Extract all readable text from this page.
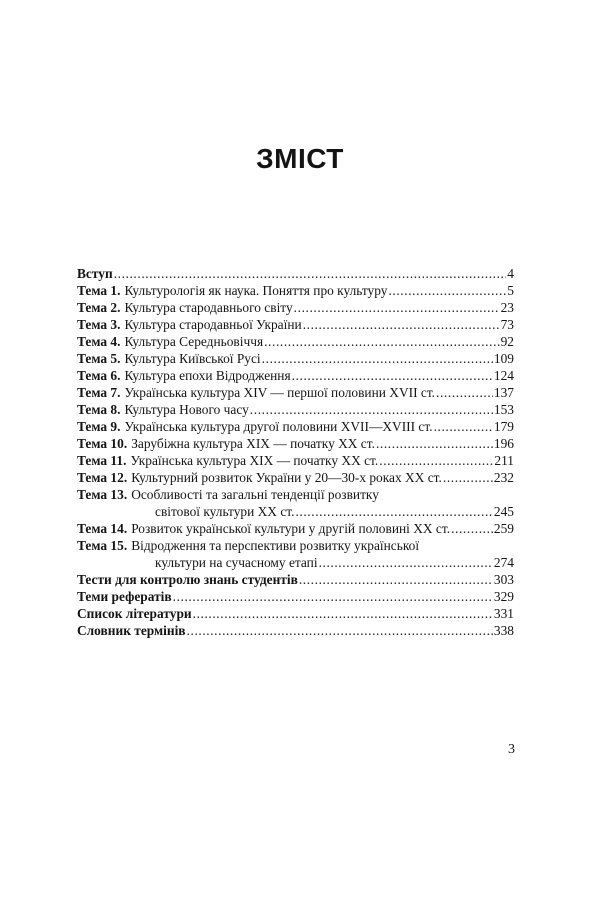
ЗМІСТ
Вступ .....	4
Тема 1. Культурологія як наука. Поняття про культуру .....	5
Тема 2. Культура стародавнього світу .....	23
Тема 3. Культура стародавньої України .....	73
Тема 4. Культура Середньовіччя .....	92
Тема 5. Культура Київської Русі .....	109
Тема 6. Культура епохи Відродження .....	124
Тема 7. Українська культура XIV — першої половини XVII ст. .....	137
Тема 8. Культура Нового часу .....	153
Тема 9. Українська культура другої половини XVII—XVIII ст. .....	179
Тема 10. Зарубіжна культура XIX — початку XX ст. .....	196
Тема 11. Українська культура XIX — початку XX ст. .....	211
Тема 12. Культурний розвиток України у 20—30-х роках XX ст. .....	232
Тема 13. Особливості та загальні тенденції розвитку
світової культури XX ст. .....	245
Тема 14. Розвиток української культури у другій половині XX ст. .....	259
Тема 15. Відродження та перспективи розвитку української
культури на сучасному етапі .....	274
Тести для контролю знань студентів .....	303
Теми рефератів .....	329
Список літератури .....	331
Словник термінів .....	338
3
